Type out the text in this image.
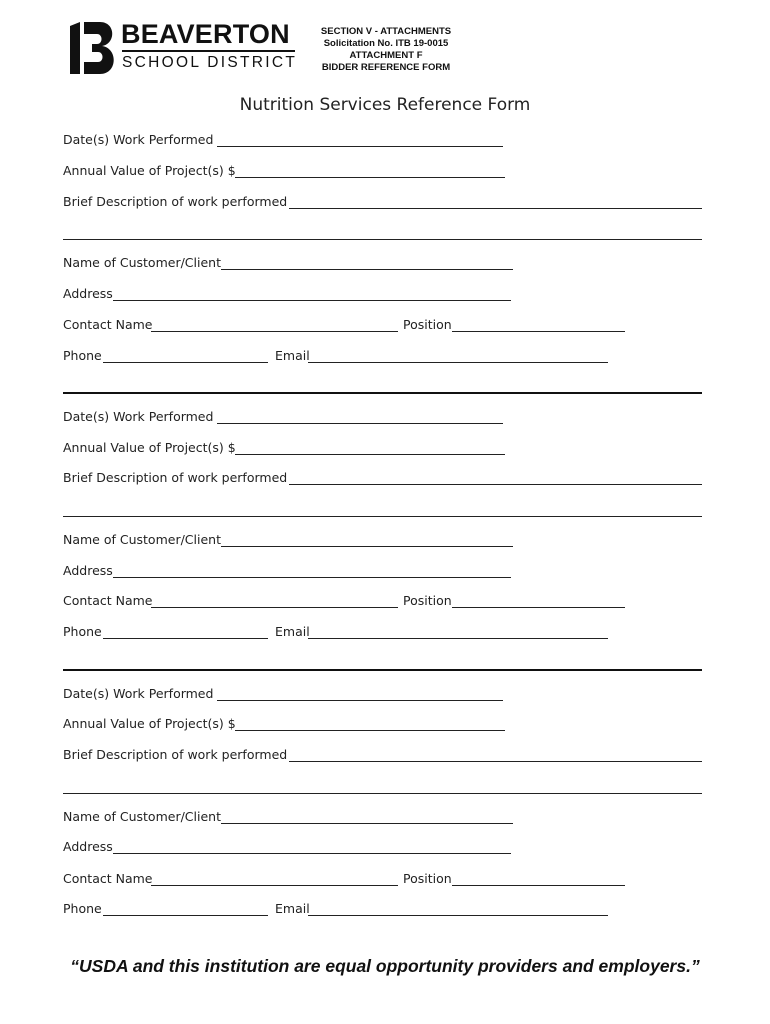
BEAVERTON
SCHOOL DISTRICT
SECTION V - ATTACHMENTS
Solicitation No. ITB 19-0015
ATTACHMENT F
BIDDER REFERENCE FORM
Nutrition Services Reference Form
Date(s) Work Performed
Annual Value of Project(s) $
Brief Description of work performed
Name of Customer/Client
Address
Contact Name	Position
Phone	Email
Date(s) Work Performed
Annual Value of Project(s) $
Brief Description of work performed
Name of Customer/Client
Address
Contact Name	Position
Phone	Email
Date(s) Work Performed
Annual Value of Project(s) $
Brief Description of work performed
Name of Customer/Client
Address
Contact Name	Position
Phone	Email
“USDA and this institution are equal opportunity providers and employers.”
